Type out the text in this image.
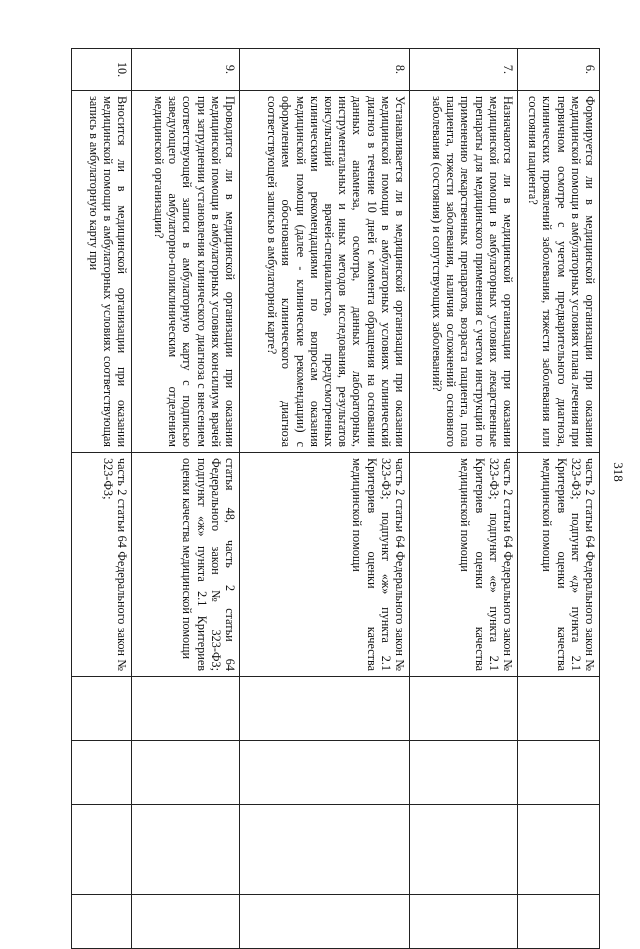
318
6.	Формируется ли в медицинской организации при оказании медицинской помощи в амбулаторных условиях плана лечения при первичном осмотре с учетом предварительного диагноза, клинических проявлений заболевания, тяжести заболевания или состояния пациента?	часть 2 статьи 64 Федерального закон № 323-ФЗ; подпункт «д» пункта 2.1 Критериев оценки качества медицинской помощи				
7.	Назначаются ли в медицинской организации при оказании медицинской помощи в амбулаторных условиях лекарственные препараты для медицинского применения с учетом инструкций по применению лекарственных препаратов, возраста пациента, пола пациента, тяжести заболевания, наличия осложнений основного заболевания (состояния) и сопутствующих заболеваний?	часть 2 статьи 64 Федерального закон № 323-ФЗ; подпункт «е» пункта 2.1 Критериев оценки качества медицинской помощи				
8.	Устанавливается ли в медицинской организации при оказании медицинской помощи в амбулаторных условиях клинический диагноз в течение 10 дней с момента обращения на основании данных анамнеза, осмотра, данных лабораторных, инструментальных и иных методов исследования, результатов консультаций врачей-специалистов, предусмотренных клиническими рекомендациями по вопросам оказания медицинской помощи (далее - клинические рекомендации) с оформлением обоснования клинического диагноза соответствующей записью в амбулаторной карте?	часть 2 статьи 64 Федерального закон № 323-ФЗ; подпункт «ж» пункта 2.1 Критериев оценки качества медицинской помощи				
9.	Проводится ли в медицинской организации при оказании медицинской помощи в амбулаторных условиях консилиум врачей при затруднении установления клинического диагноза с внесением соответствующей записи в амбулаторную карту с подписью заведующего амбулаторно-поликлиническим отделением медицинской организации?	статья 48, часть 2 статьи 64 Федерального закон № 323-ФЗ; подпункт «ж» пункта 2.1 Критериев оценки качества медицинской помощи				
10.	Вносится ли в медицинской организации при оказании медицинской помощи в амбулаторных условиях соответствующая запись в амбулаторную карту при	часть 2 статьи 64 Федерального закон № 323-ФЗ;				
